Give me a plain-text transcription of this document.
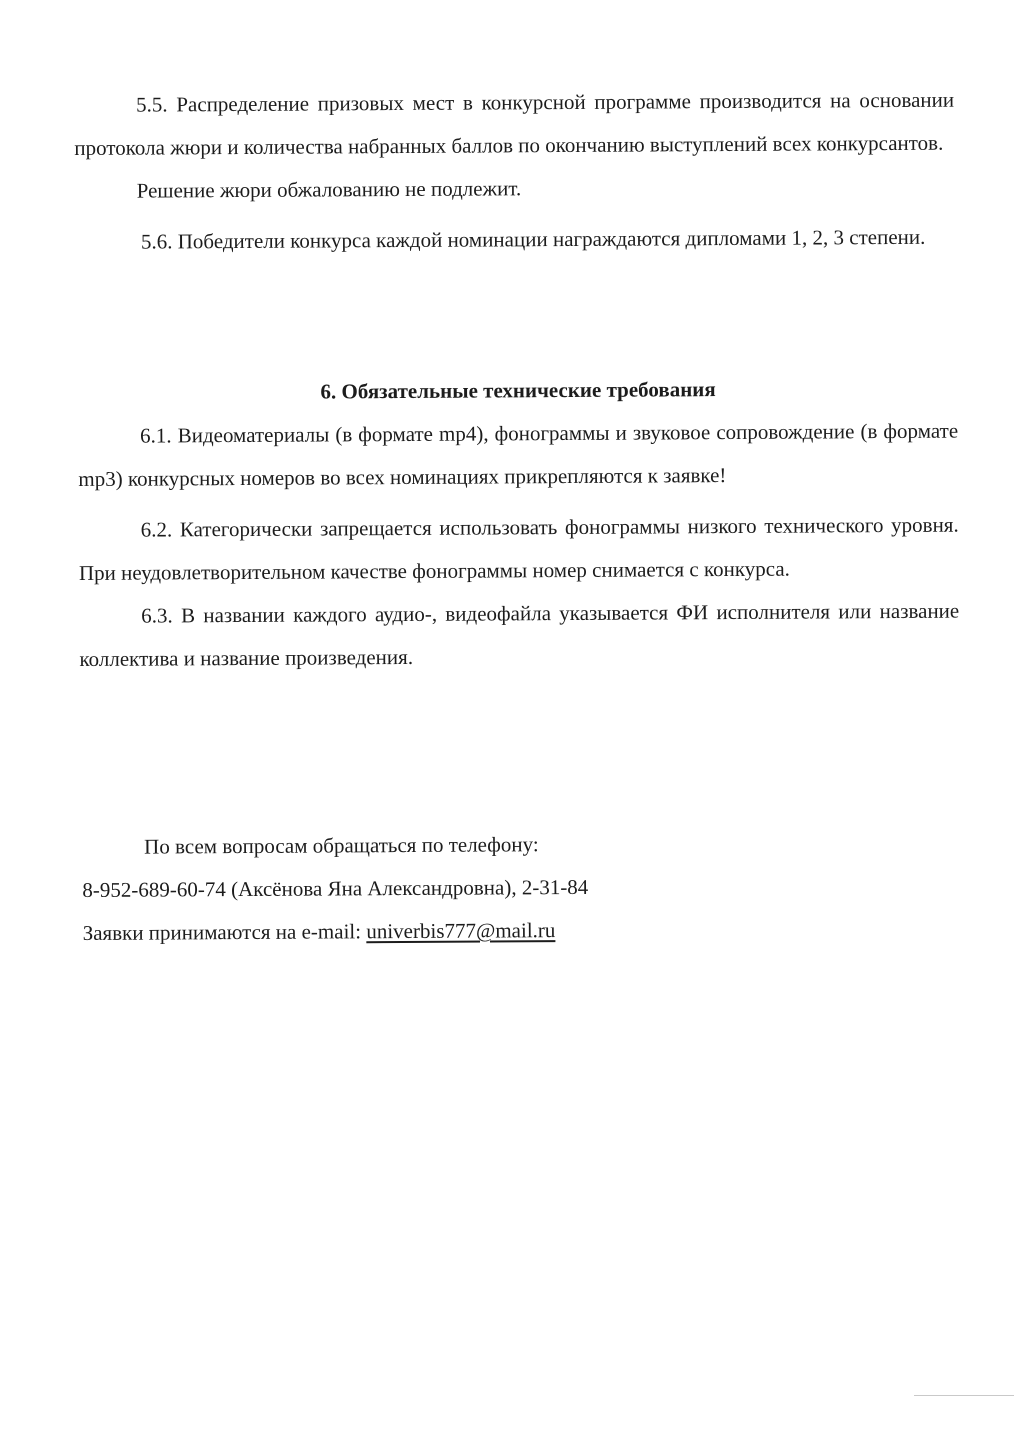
5.5. Распределение призовых мест в конкурсной программе производится на основании протокола жюри и количества набранных баллов по окончанию выступлений всех конкурсантов.

Решение жюри обжалованию не подлежит.

5.6. Победители конкурса каждой номинации награждаются дипломами 1, 2, 3 степени.

6. Обязательные технические требования

6.1. Видеоматериалы (в формате mp4), фонограммы и звуковое сопровождение (в формате mp3) конкурсных номеров во всех номинациях прикрепляются к заявке!

6.2. Категорически запрещается использовать фонограммы низкого технического уровня. При неудовлетворительном качестве фонограммы номер снимается с конкурса.

6.3. В названии каждого аудио-, видеофайла указывается ФИ исполнителя или название коллектива и название произведения.

По всем вопросам обращаться по телефону:

8-952-689-60-74 (Аксёнова Яна Александровна), 2-31-84

Заявки принимаются на e-mail: univerbis777@mail.ru
